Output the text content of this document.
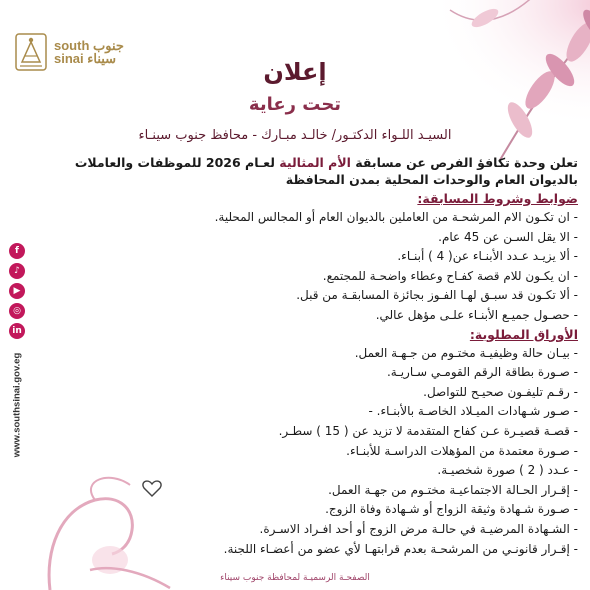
south جنوب
sinai سيناء	إعلان
تحت رعاية
السيـد اللـواء الدكتـور/ خالـد مبـارك - محافظ جنوب سينـاء

تعلن وحدة تكافؤ الفرص عن مسابقة الأم المثالية لعـام 2026 للموظفات والعاملات بالديوان العام والوحدات المحلية بمدن المحافظة

ضوابط وشروط المسابقة:

- ان تكـون الام المرشحـة من العاملين بالديوان العام أو المجالس المحلية.
- الا يقل السـن عن 45 عام.
- ألا يزيـد عـدد الأبنـاء عن( 4 ) أبنـاء.
- ان يكـون للام قصة كفـاح وعطاء واضحـة للمجتمع.
- ألا تكـون قد سبـق لهـا الفـوز بجائزة المسابقـة من قبل.
- حصـول جميـع الأبنـاء علـى مؤهل عالي.

الأوراق المطلوبة:

- بيـان حالة وظيفيـة مختـوم من جـهـة العمل.
- صـورة بطاقة الرقم القومـي سـاريـة.
- رقـم تليفـون صحيـح للتواصل.
- صـور شـهادات الميـلاد الخاصـة بالأبنـاء. -
- قصـة قصيـرة عـن كفاح المتقدمة لا تزيد عن ( 15 ) سطـر.
- صـورة معتمدة من المؤهلات الدراسـة للأبنـاء.
- عـدد ( 2 ) صورة شخصيـة.
- إقـرار الحـالة الاجتماعيـة مختـوم من جهـة العمل.
- صـورة شـهادة وثيقة الزواج أو شـهادة وفاة الزوج.
- الشـهادة المرضيـة في حالـة مرض الزوج أو أحد افـراد الاسـرة.
- إقـرار قانونـي من المرشحـة بعدم قرابتهـا لأي عضو من أعضـاء اللجنة.
f
♪
▶
◎
in
www.southsinai.gov.eg
الصفحـة الرسميـة لمحافظة جنوب سيناء
